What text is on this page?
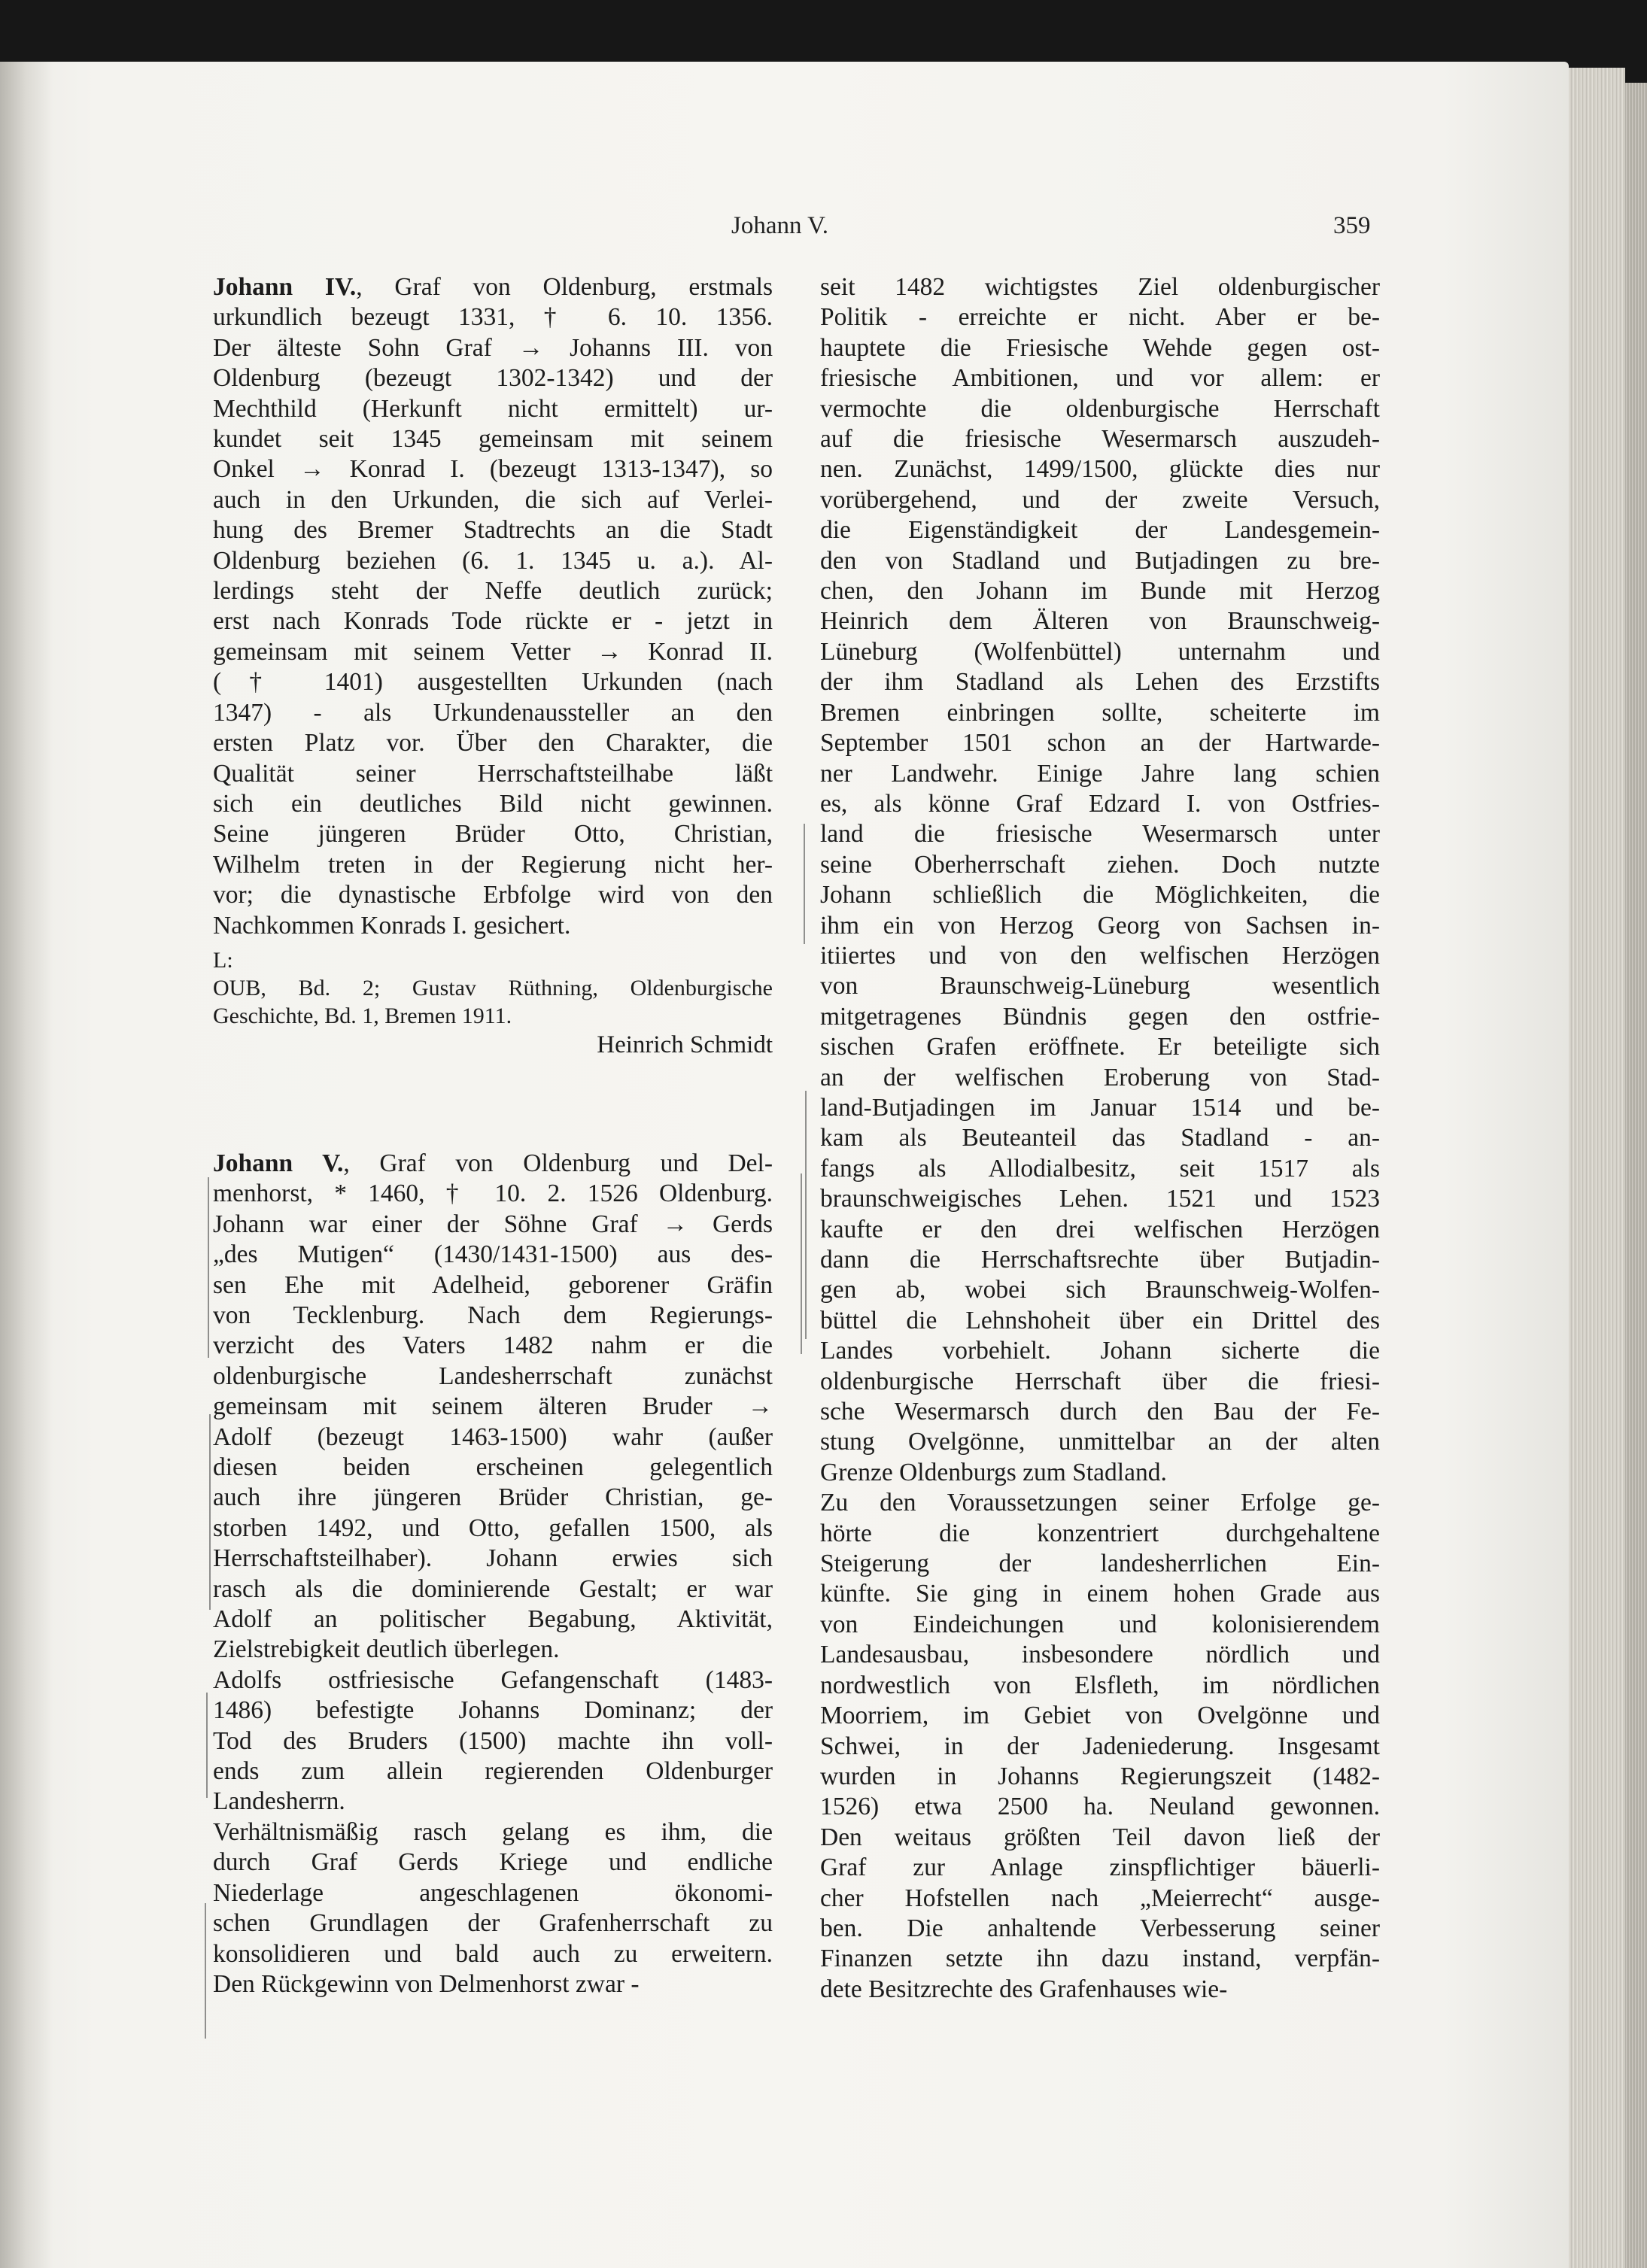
Johann V.	359

Johann IV., Graf von Oldenburg, erstmals
urkundlich bezeugt 1331, † 6. 10. 1356.
Der älteste Sohn Graf → Johanns III. von
Oldenburg (bezeugt 1302-1342) und der
Mechthild (Herkunft nicht ermittelt) ur-
kundet seit 1345 gemeinsam mit seinem
Onkel → Konrad I. (bezeugt 1313-1347), so
auch in den Urkunden, die sich auf Verlei-
hung des Bremer Stadtrechts an die Stadt
Oldenburg beziehen (6. 1. 1345 u. a.). Al-
lerdings steht der Neffe deutlich zurück;
erst nach Konrads Tode rückte er - jetzt in
gemeinsam mit seinem Vetter → Konrad II.
(† 1401) ausgestellten Urkunden (nach
1347) - als Urkundenaussteller an den
ersten Platz vor. Über den Charakter, die
Qualität seiner Herrschaftsteilhabe läßt
sich ein deutliches Bild nicht gewinnen.
Seine jüngeren Brüder Otto, Christian,
Wilhelm treten in der Regierung nicht her-
vor; die dynastische Erbfolge wird von den
Nachkommen Konrads I. gesichert.

L:

OUB, Bd. 2; Gustav Rüthning, Oldenburgische
Geschichte, Bd. 1, Bremen 1911.

Heinrich Schmidt

Johann V., Graf von Oldenburg und Del-
menhorst, * 1460, † 10. 2. 1526 Oldenburg.
Johann war einer der Söhne Graf → Gerds
„des Mutigen“ (1430/1431-1500) aus des-
sen Ehe mit Adelheid, geborener Gräfin
von Tecklenburg. Nach dem Regierungs-
verzicht des Vaters 1482 nahm er die
oldenburgische Landesherrschaft zunächst
gemeinsam mit seinem älteren Bruder →
Adolf (bezeugt 1463-1500) wahr (außer
diesen beiden erscheinen gelegentlich
auch ihre jüngeren Brüder Christian, ge-
storben 1492, und Otto, gefallen 1500, als
Herrschaftsteilhaber). Johann erwies sich
rasch als die dominierende Gestalt; er war
Adolf an politischer Begabung, Aktivität,
Zielstrebigkeit deutlich überlegen.

Adolfs ostfriesische Gefangenschaft (1483-
1486) befestigte Johanns Dominanz; der
Tod des Bruders (1500) machte ihn voll-
ends zum allein regierenden Oldenburger
Landesherrn.

Verhältnismäßig rasch gelang es ihm, die
durch Graf Gerds Kriege und endliche
Niederlage angeschlagenen ökonomi-
schen Grundlagen der Grafenherrschaft zu
konsolidieren und bald auch zu erweitern.
Den Rückgewinn von Delmenhorst zwar -

seit 1482 wichtigstes Ziel oldenburgischer
Politik - erreichte er nicht. Aber er be-
hauptete die Friesische Wehde gegen ost-
friesische Ambitionen, und vor allem: er
vermochte die oldenburgische Herrschaft
auf die friesische Wesermarsch auszudeh-
nen. Zunächst, 1499/1500, glückte dies nur
vorübergehend, und der zweite Versuch,
die Eigenständigkeit der Landesgemein-
den von Stadland und Butjadingen zu bre-
chen, den Johann im Bunde mit Herzog
Heinrich dem Älteren von Braunschweig-
Lüneburg (Wolfenbüttel) unternahm und
der ihm Stadland als Lehen des Erzstifts
Bremen einbringen sollte, scheiterte im
September 1501 schon an der Hartwarde-
ner Landwehr. Einige Jahre lang schien
es, als könne Graf Edzard I. von Ostfries-
land die friesische Wesermarsch unter
seine Oberherrschaft ziehen. Doch nutzte
Johann schließlich die Möglichkeiten, die
ihm ein von Herzog Georg von Sachsen in-
itiiertes und von den welfischen Herzögen
von Braunschweig-Lüneburg wesentlich
mitgetragenes Bündnis gegen den ostfrie-
sischen Grafen eröffnete. Er beteiligte sich
an der welfischen Eroberung von Stad-
land-Butjadingen im Januar 1514 und be-
kam als Beuteanteil das Stadland - an-
fangs als Allodialbesitz, seit 1517 als
braunschweigisches Lehen. 1521 und 1523
kaufte er den drei welfischen Herzögen
dann die Herrschaftsrechte über Butjadin-
gen ab, wobei sich Braunschweig-Wolfen-
büttel die Lehnshoheit über ein Drittel des
Landes vorbehielt. Johann sicherte die
oldenburgische Herrschaft über die friesi-
sche Wesermarsch durch den Bau der Fe-
stung Ovelgönne, unmittelbar an der alten
Grenze Oldenburgs zum Stadland.

Zu den Voraussetzungen seiner Erfolge ge-
hörte die konzentriert durchgehaltene
Steigerung der landesherrlichen Ein-
künfte. Sie ging in einem hohen Grade aus
von Eindeichungen und kolonisierendem
Landesausbau, insbesondere nördlich und
nordwestlich von Elsfleth, im nördlichen
Moorriem, im Gebiet von Ovelgönne und
Schwei, in der Jadeniederung. Insgesamt
wurden in Johanns Regierungszeit (1482-
1526) etwa 2500 ha. Neuland gewonnen.
Den weitaus größten Teil davon ließ der
Graf zur Anlage zinspflichtiger bäuerli-
cher Hofstellen nach „Meierrecht“ ausge-
ben. Die anhaltende Verbesserung seiner
Finanzen setzte ihn dazu instand, verpfän-
dete Besitzrechte des Grafenhauses wie-
